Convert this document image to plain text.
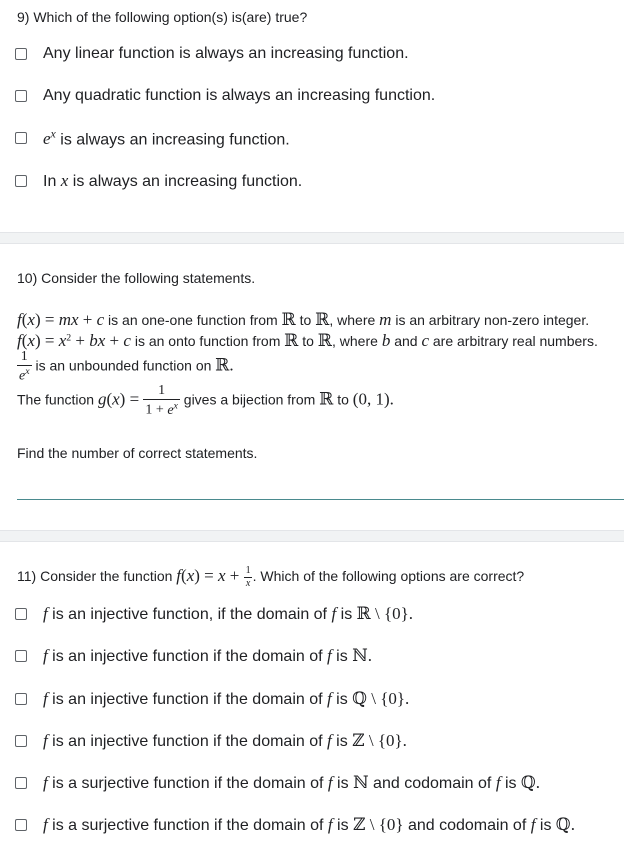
9) Which of the following option(s) is(are) true?
Any linear function is always an increasing function.
Any quadratic function is always an increasing function.
$e^x$ is always an increasing function.
In x is always an increasing function.
10) Consider the following statements.
f(x) = mx + c is an one-one function from ℝ to ℝ, where m is an arbitrary non-zero integer.
$f(x) = x^2$ + bx + c is an onto function from ℝ to ℝ, where b and c are arbitrary real numbers.
$\frac{1}{e^x}$ is an unbounded function on ℝ.
The function $g(x) = \frac{1}{1 + e^x}$ gives a bijection from ℝ to (0, 1).
Find the number of correct statements.
11) Consider the function $f(x) = x + \frac{1}{x}$ . Which of the following options are correct?
f is an injective function, if the domain of f is ℝ \ {0}.
f is an injective function if the domain of f is ℕ.
f is an injective function if the domain of f is ℚ \ {0}.
f is an injective function if the domain of f is ℤ \ {0}.
f is a surjective function if the domain of f is ℕ and codomain of f is ℚ.
f is a surjective function if the domain of f is ℤ \ {0} and codomain of f is ℚ.
